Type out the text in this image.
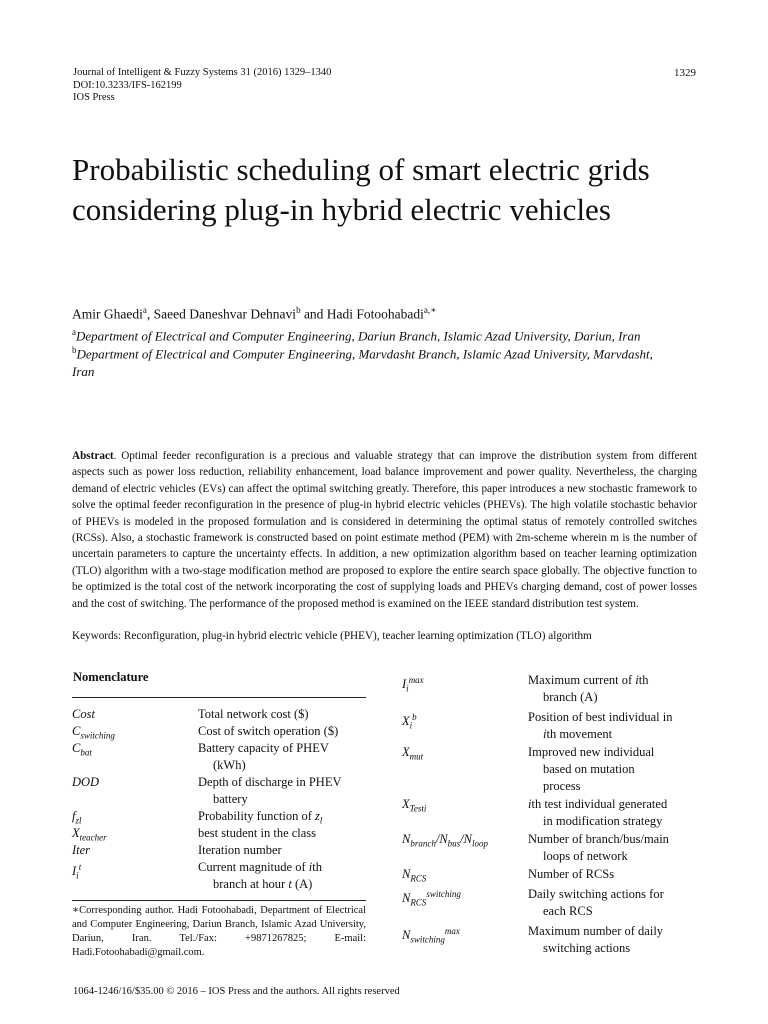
Journal of Intelligent & Fuzzy Systems 31 (2016) 1329–1340
DOI:10.3233/IFS-162199
IOS Press
1329
Probabilistic scheduling of smart electric grids considering plug-in hybrid electric vehicles
Amir Ghaedi$^a$, Saeed Daneshvar Dehnavi$^b$ and Hadi Fotoohabadi$^{a,∗}$
$^a$Department of Electrical and Computer Engineering, Dariun Branch, Islamic Azad University, Dariun, Iran
$^b$Department of Electrical and Computer Engineering, Marvdasht Branch, Islamic Azad University, Marvdasht, Iran
Abstract. Optimal feeder reconfiguration is a precious and valuable strategy that can improve the distribution system from different aspects such as power loss reduction, reliability enhancement, load balance improvement and power quality. Nevertheless, the charging demand of electric vehicles (EVs) can affect the optimal switching greatly. Therefore, this paper introduces a new stochastic framework to solve the optimal feeder reconfiguration in the presence of plug-in hybrid electric vehicles (PHEVs). The high volatile stochastic behavior of PHEVs is modeled in the proposed formulation and is considered in determining the optimal status of remotely controlled switches (RCSs). Also, a stochastic framework is constructed based on point estimate method (PEM) with 2m-scheme wherein m is the number of uncertain parameters to capture the uncertainty effects. In addition, a new optimization algorithm based on teacher learning optimization (TLO) algorithm with a two-stage modification method are proposed to explore the entire search space globally. The objective function to be optimized is the total cost of the network incorporating the cost of supplying loads and PHEVs charging demand, cost of power losses and the cost of switching. The performance of the proposed method is examined on the IEEE standard distribution test system.
Keywords: Reconfiguration, plug-in hybrid electric vehicle (PHEV), teacher learning optimization (TLO) algorithm
Nomenclature
Cost	Total network cost ($)
$C_{switching}$	Cost of switch operation ($)
$C_{bat}$	Battery capacity of PHEV
(kWh)
DOD	Depth of discharge in PHEV
battery
$f_{zl}$	Probability function of $z_l$
$X_{teacher}$	best student in the class
Iter	Iteration number
$I_i^t$	Current magnitude of ith
branch at hour t (A)
$I_i^{max}$	Maximum current of ith
branch (A)
$X_i^b$	Position of best individual in
ith movement
$X_{mut}$	Improved new individual
based on mutation
process
$X_{Testi}$	ith test individual generated
in modification strategy
$N_{branch}/N_{bus}/N_{loop}$	Number of branch/bus/main
loops of network
$N_{RCS}$	Number of RCSs
$N_{RCS}^{switching}$	Daily switching actions for
each RCS
$N_{switching}^{max}$	Maximum number of daily
switching actions
∗Corresponding author. Hadi Fotoohabadi, Department of Electrical and Computer Engineering, Dariun Branch, Islamic Azad University, Dariun, Iran. Tel./Fax: +9871267825; E-mail: Hadi.Fotoohabadi@gmail.com.
1064-1246/16/$35.00 © 2016 – IOS Press and the authors. All rights reserved
